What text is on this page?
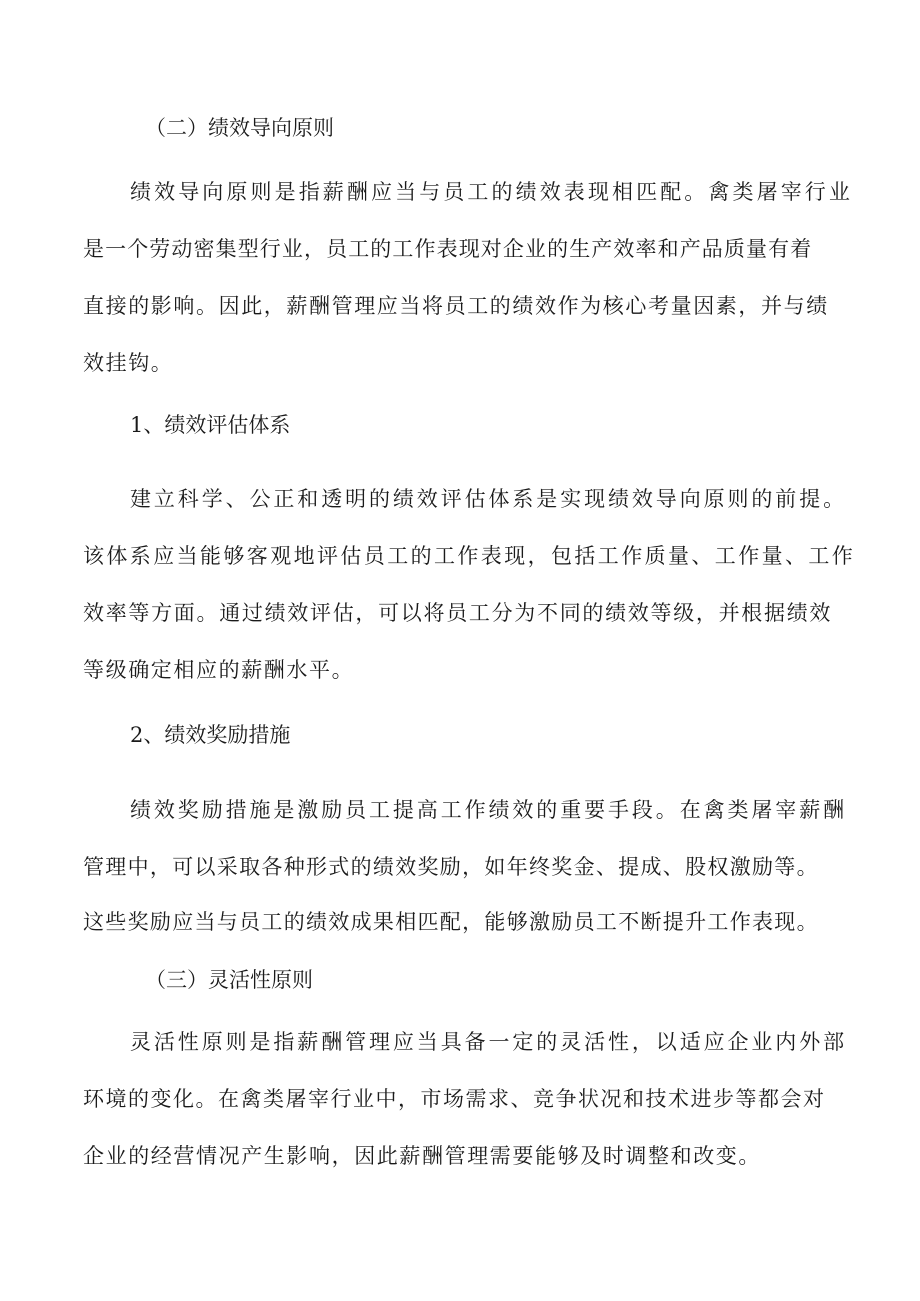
（二）绩效导向原则
绩效导向原则是指薪酬应当与员工的绩效表现相匹配。禽类屠宰行业
是一个劳动密集型行业，员工的工作表现对企业的生产效率和产品质量有着
直接的影响。因此，薪酬管理应当将员工的绩效作为核心考量因素，并与绩
效挂钩。
1、绩效评估体系
建立科学、公正和透明的绩效评估体系是实现绩效导向原则的前提。
该体系应当能够客观地评估员工的工作表现，包括工作质量、工作量、工作
效率等方面。通过绩效评估，可以将员工分为不同的绩效等级，并根据绩效
等级确定相应的薪酬水平。
2、绩效奖励措施
绩效奖励措施是激励员工提高工作绩效的重要手段。在禽类屠宰薪酬
管理中，可以采取各种形式的绩效奖励，如年终奖金、提成、股权激励等。
这些奖励应当与员工的绩效成果相匹配，能够激励员工不断提升工作表现。
（三）灵活性原则
灵活性原则是指薪酬管理应当具备一定的灵活性，以适应企业内外部
环境的变化。在禽类屠宰行业中，市场需求、竞争状况和技术进步等都会对
企业的经营情况产生影响，因此薪酬管理需要能够及时调整和改变。
